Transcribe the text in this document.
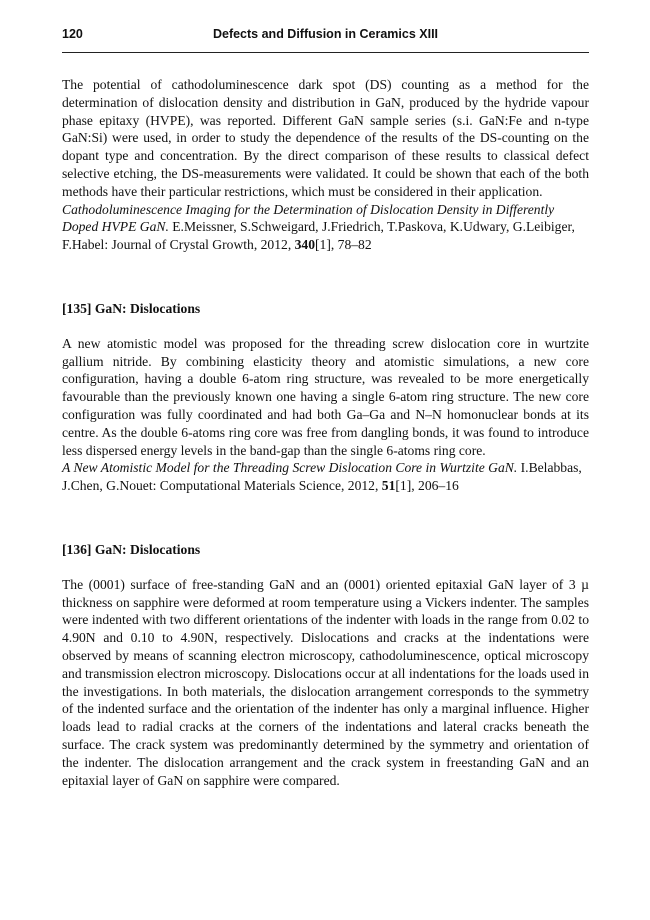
120	Defects and Diffusion in Ceramics XIII

The potential of cathodoluminescence dark spot (DS) counting as a method for the determination of dislocation density and distribution in GaN, produced by the hydride vapour phase epitaxy (HVPE), was reported. Different GaN sample series (s.i. GaN:Fe and n-type GaN:Si) were used, in order to study the dependence of the results of the DS-counting on the dopant type and concentration. By the direct comparison of these results to classical defect selective etching, the DS-measurements were validated. It could be shown that each of the both methods have their particular restrictions, which must be considered in their application.

Cathodoluminescence Imaging for the Determination of Dislocation Density in Differently Doped HVPE GaN. E.Meissner, S.Schweigard, J.Friedrich, T.Paskova, K.Udwary, G.Leibiger, F.Habel: Journal of Crystal Growth, 2012, 340[1], 78–82

[135] GaN: Dislocations

A new atomistic model was proposed for the threading screw dislocation core in wurtzite gallium nitride. By combining elasticity theory and atomistic simulations, a new core configuration, having a double 6-atom ring structure, was revealed to be more energetically favourable than the previously known one having a single 6-atom ring structure. The new core configuration was fully coordinated and had both Ga–Ga and N–N homonuclear bonds at its centre. As the double 6-atoms ring core was free from dangling bonds, it was found to introduce less dispersed energy levels in the band-gap than the single 6-atoms ring core.

A New Atomistic Model for the Threading Screw Dislocation Core in Wurtzite GaN. I.Belabbas, J.Chen, G.Nouet: Computational Materials Science, 2012, 51[1], 206–16

[136] GaN: Dislocations

The (0001) surface of free-standing GaN and an (0001) oriented epitaxial GaN layer of 3 µ thickness on sapphire were deformed at room temperature using a Vickers indenter. The samples were indented with two different orientations of the indenter with loads in the range from 0.02 to 4.90N and 0.10 to 4.90N, respectively. Dislocations and cracks at the indentations were observed by means of scanning electron microscopy, cathodoluminescence, optical microscopy and transmission electron microscopy. Dislocations occur at all indentations for the loads used in the investigations. In both materials, the dislocation arrangement corresponds to the symmetry of the indented surface and the orientation of the indenter has only a marginal influence. Higher loads lead to radial cracks at the corners of the indentations and lateral cracks beneath the surface. The crack system was predominantly determined by the symmetry and orientation of the indenter. The dislocation arrangement and the crack system in freestanding GaN and an epitaxial layer of GaN on sapphire were compared.
